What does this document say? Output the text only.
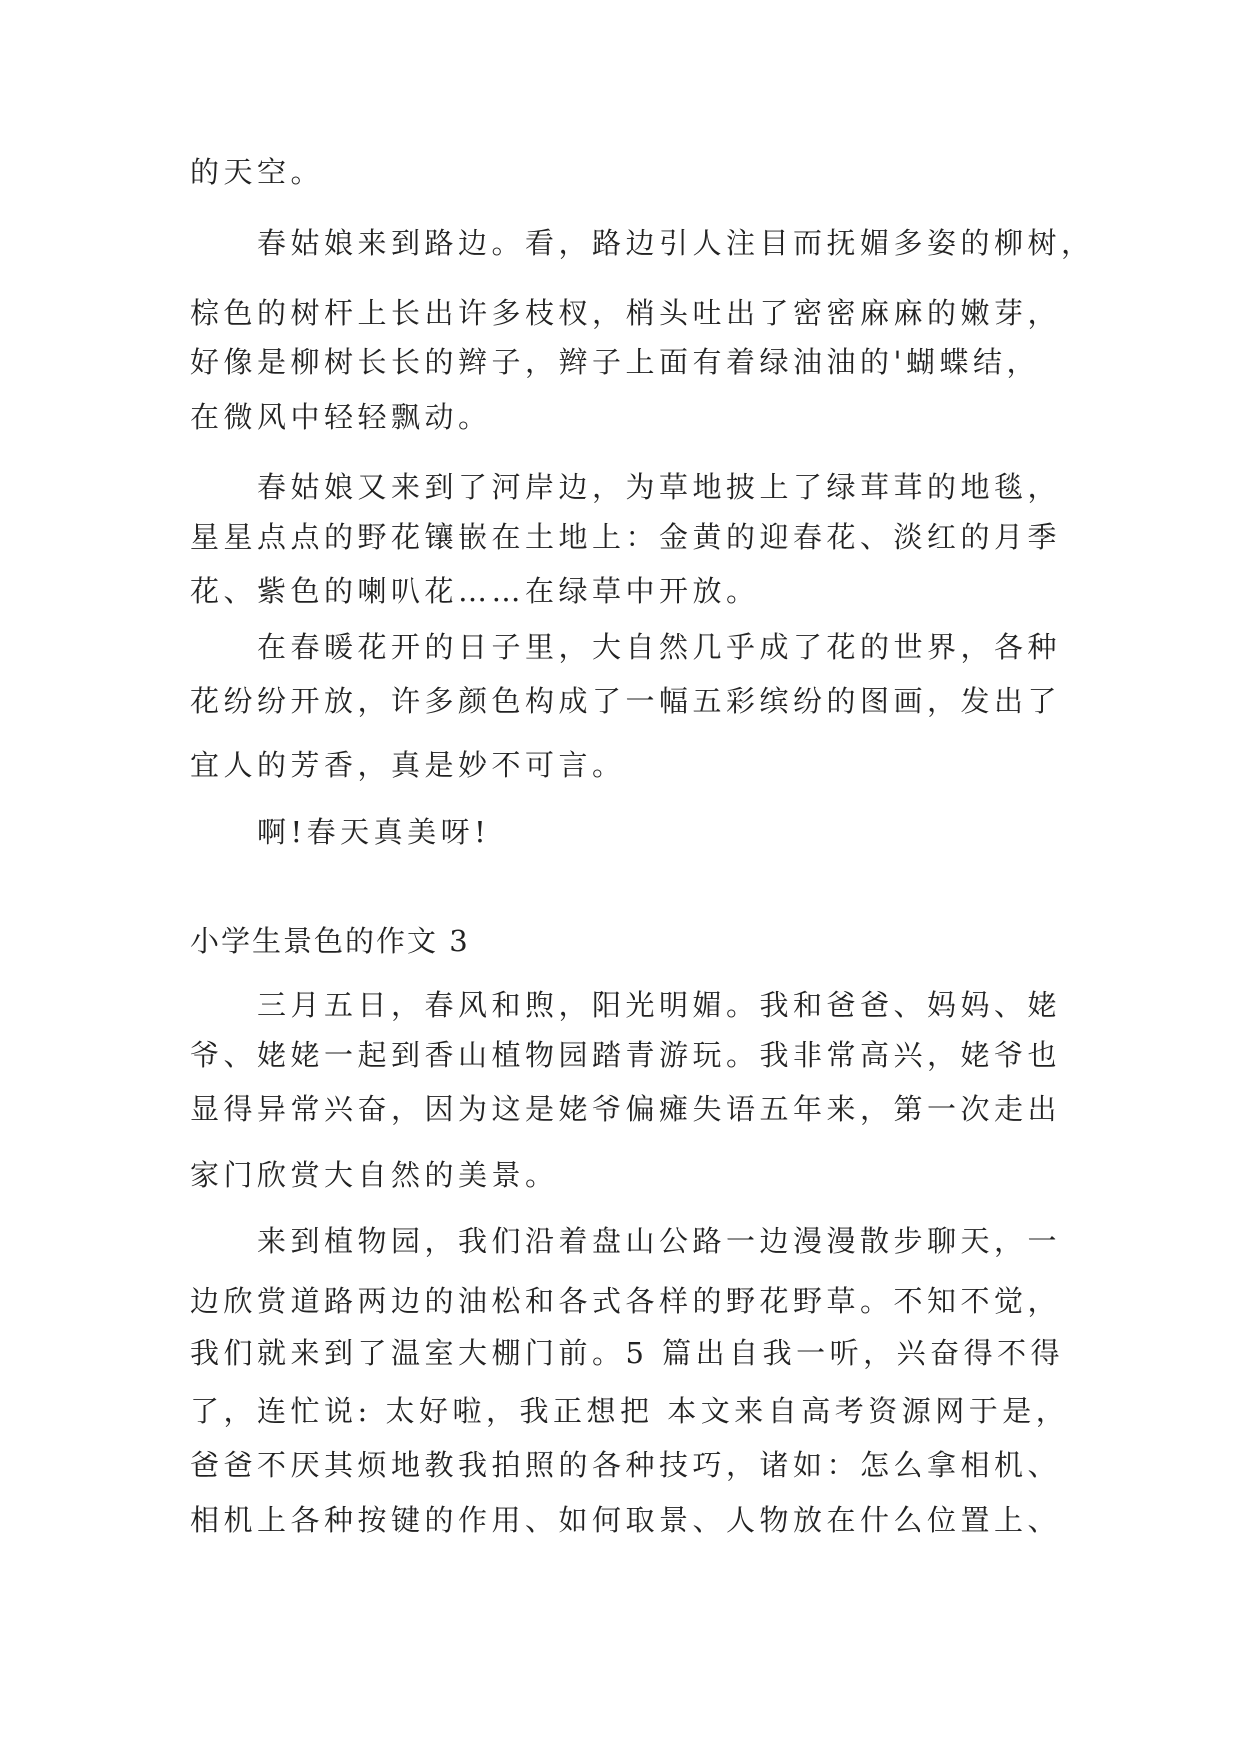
的天空。
春姑娘来到路边。看，路边引人注目而抚媚多姿的柳树，
棕色的树杆上长出许多枝杈，梢头吐出了密密麻麻的嫩芽，
好像是柳树长长的辫子，辫子上面有着绿油油的'蝴蝶结，
在微风中轻轻飘动。
春姑娘又来到了河岸边，为草地披上了绿茸茸的地毯，
星星点点的野花镶嵌在土地上：金黄的迎春花、淡红的月季
花、紫色的喇叭花……在绿草中开放。
在春暖花开的日子里，大自然几乎成了花的世界，各种
花纷纷开放，许多颜色构成了一幅五彩缤纷的图画，发出了
宜人的芳香，真是妙不可言。
啊!春天真美呀!
小学生景色的作文 3
三月五日，春风和煦，阳光明媚。我和爸爸、妈妈、姥
爷、姥姥一起到香山植物园踏青游玩。我非常高兴，姥爷也
显得异常兴奋，因为这是姥爷偏瘫失语五年来，第一次走出
家门欣赏大自然的美景。
来到植物园，我们沿着盘山公路一边漫漫散步聊天，一
边欣赏道路两边的油松和各式各样的野花野草。不知不觉，
我们就来到了温室大棚门前。5 篇出自我一听，兴奋得不得
了，连忙说: 太好啦，我正想把 本文来自高考资源网于是，
爸爸不厌其烦地教我拍照的各种技巧，诸如：怎么拿相机、
相机上各种按键的作用、如何取景、人物放在什么位置上、
